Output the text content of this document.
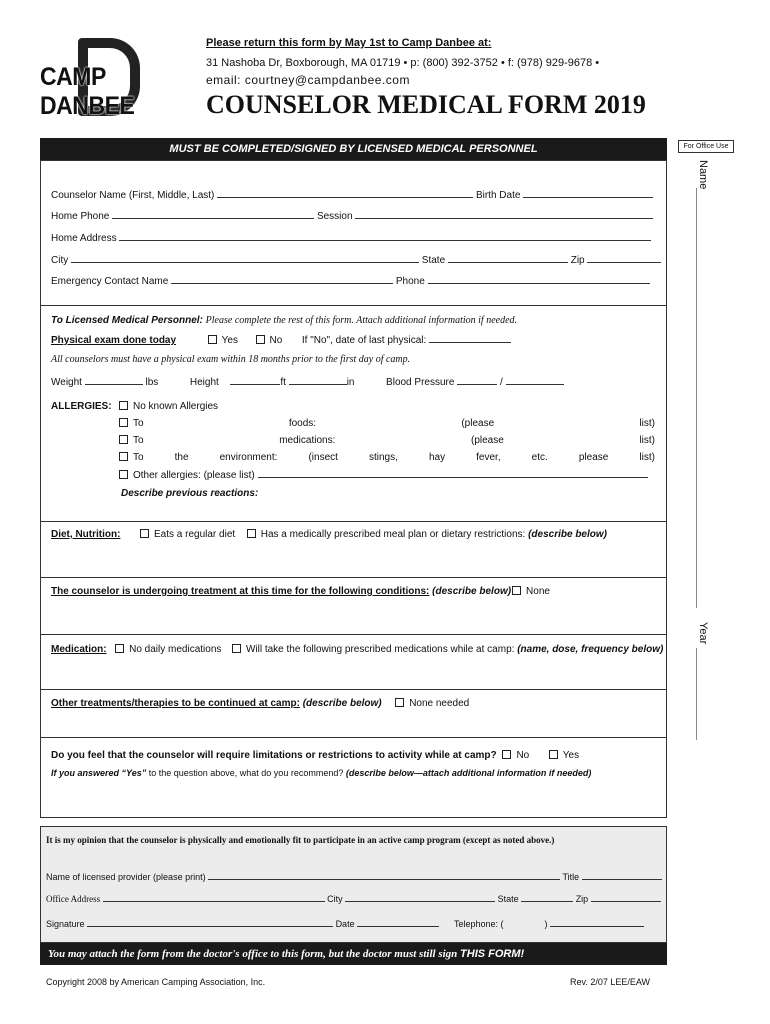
CAMP DANBEE
Please return this form by May 1st to Camp Danbee at:
31 Nashoba Dr, Boxborough, MA 01719 • p: (800) 392-3752 • f: (978) 929-9678 •
email: courtney@campdanbee.com
COUNSELOR MEDICAL FORM 2019
MUST BE COMPLETED/SIGNED BY LICENSED MEDICAL PERSONNEL	For Office Use
Name
Year
Counselor Name (First, Middle, Last)	Birth Date
Home Phone	Session
Home Address
City	State	Zip
Emergency Contact Name	Phone
To Licensed Medical Personnel: Please complete the rest of this form. Attach additional information if needed.
Physical exam done today	Yes	No If "No", date of last physical:
All counselors must have a physical exam within 18 months prior to the first day of camp.
Weight	lbs	Height	ft	in	Blood Pressure	/
ALLERGIES:	No known Allergies
To	foods:	(please	list)
To	medications:	(please	list)
To	the	environment:	(insect	stings,	hay	fever,	etc.	please	list)
Other allergies: (please list)
Describe previous reactions:
Diet, Nutrition:	Eats a regular diet	Has a medically prescribed meal plan or dietary restrictions: (describe below)
The counselor is undergoing treatment at this time for the following conditions: (describe below) None
Medication: No daily medications Will take the following prescribed medications while at camp: (name, dose, frequency below)
Other treatments/therapies to be continued at camp: (describe below)	None needed
Do you feel that the counselor will require limitations or restrictions to activity while at camp? No	Yes
If you answered “Yes” to the question above, what do you recommend? (describe below—attach additional information if needed)
It is my opinion that the counselor is physically and emotionally fit to participate in an active camp program (except as noted above.)
Name of licensed provider (please print)	Title
Office Address	City	State	Zip
Signature	Date	Telephone: (	)
You may attach the form from the doctor's office to this form, but the doctor must still sign THIS FORM!
Copyright 2008 by American Camping Association, Inc.	Rev. 2/07 LEE/EAW
